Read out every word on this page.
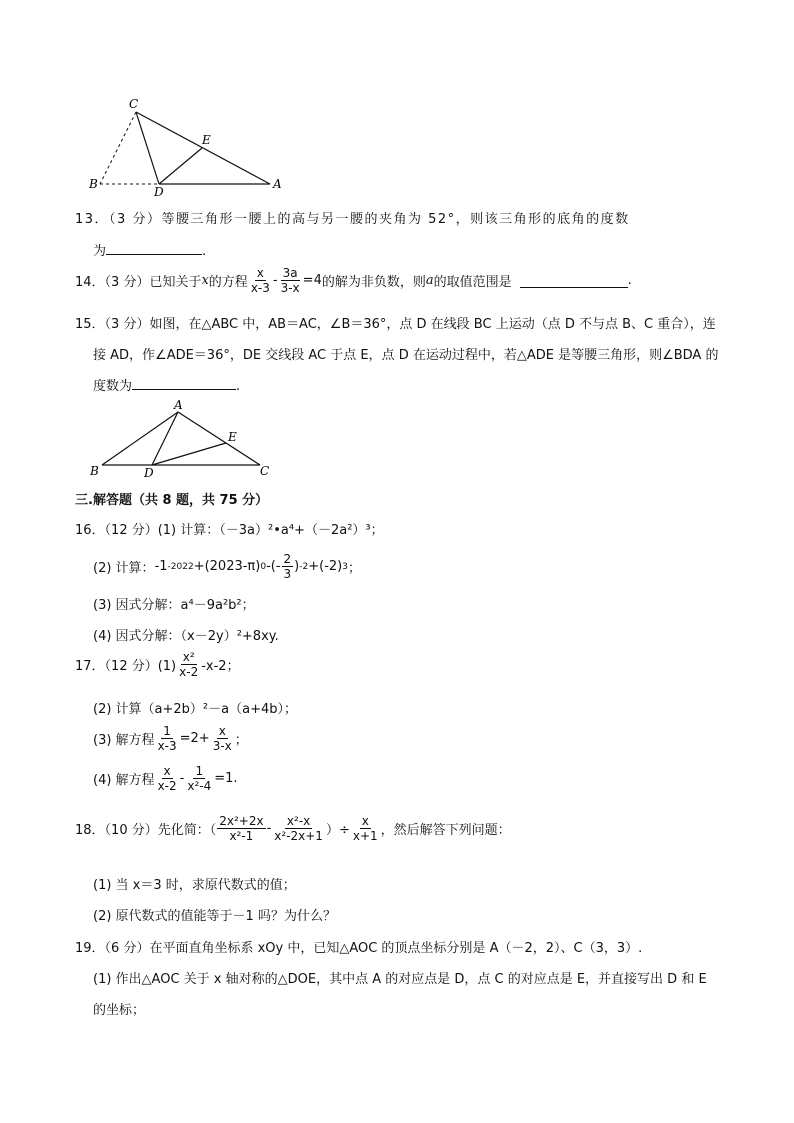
C
E
B
D
A
13．（3 分）等腰三角形一腰上的高与另一腰的夹角为 52°，则该三角形的底角的度数
为	.
14．（3 分）已知关于 x 的方程 $\frac{x}{x-3} - \frac{3a}{3-x} =4$ 的解为非负数，则 a 的取值范围是	.
15．（3 分）如图，在△ABC 中，AB＝AC，∠B＝36°，点 D 在线段 BC 上运动（点 D 不与点 B、C 重合），连
接 AD，作∠ADE＝36°，DE 交线段 AC 于点 E，点 D 在运动过程中，若△ADE 是等腰三角形，则∠BDA 的
度数为	.
A
E
B	D	C
三.解答题（共 8 题，共 75 分）
16．（12 分）(1) 计算：（－3a）²•a⁴+（－2a²）³；
(2) 计算： -1 -2022 +(2023-π) 0 -(- $\frac{2}{3}$ ) -2 +(-2) 3 ；
(3) 因式分解：a⁴－9a²b²；
(4) 因式分解：（x－2y）²+8xy.
17．（12 分）$(1) \frac{\text{x²}}{x-2} -x-2$；
(2) 计算（a+2b）²－a（a+4b）；
(3) 解方程 $\frac{1}{x-3} =2+ \frac{x}{3-x}$ ；
(4) 解方程 $\frac{x}{x-2} - \frac{1}{\text{x²-4}} =1$.
18．（10 分）先化简：（ $\frac{\text{2x²+2x}}{\text{x²-1}} - \frac{\text{x²-x}}{\text{x²-2x+1}}$ ）÷ $\frac{x}{x+1}$ ，然后解答下列问题：
(1) 当 x＝3 时，求原代数式的值；
(2) 原代数式的值能等于－1 吗？为什么？
19．（6 分）在平面直角坐标系 xOy 中，已知△AOC 的顶点坐标分别是 A（－2，2）、C（3，3）.
(1) 作出△AOC 关于 x 轴对称的△DOE，其中点 A 的对应点是 D，点 C 的对应点是 E，并直接写出 D 和 E
的坐标；
